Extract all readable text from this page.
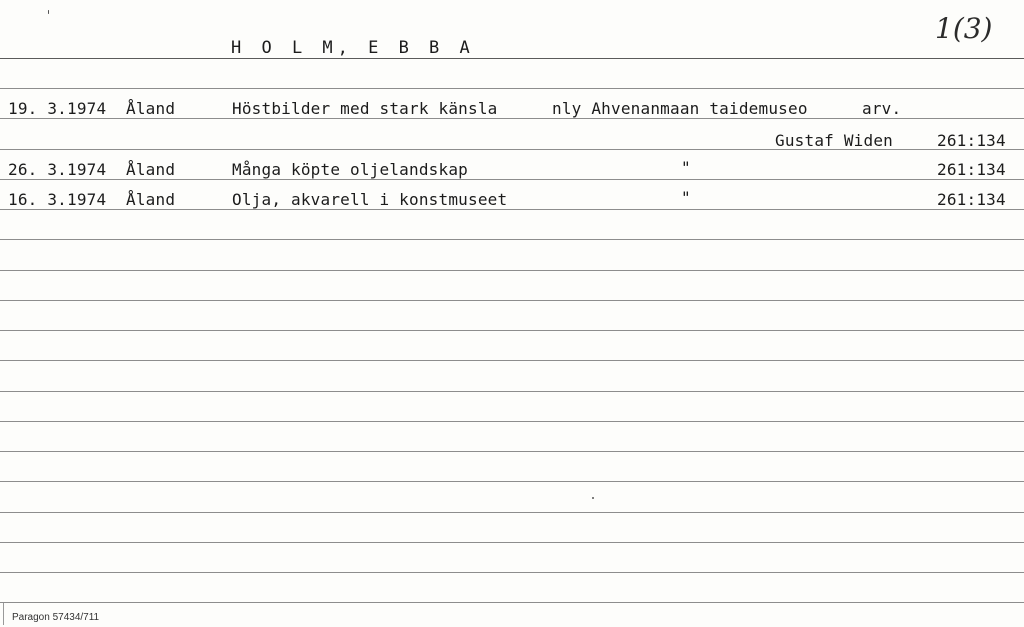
H O L M, E B B A
1(3)
19. 3.1974 Åland	Höstbilder med stark känsla	nly Ahvenanmaan taidemuseo	arv.
Gustaf Widen	261:134
26. 3.1974 Åland	Många köpte oljelandskap	"	261:134
16. 3.1974 Åland	Olja, akvarell i konstmuseet	"	261:134
Paragon 57434/711
